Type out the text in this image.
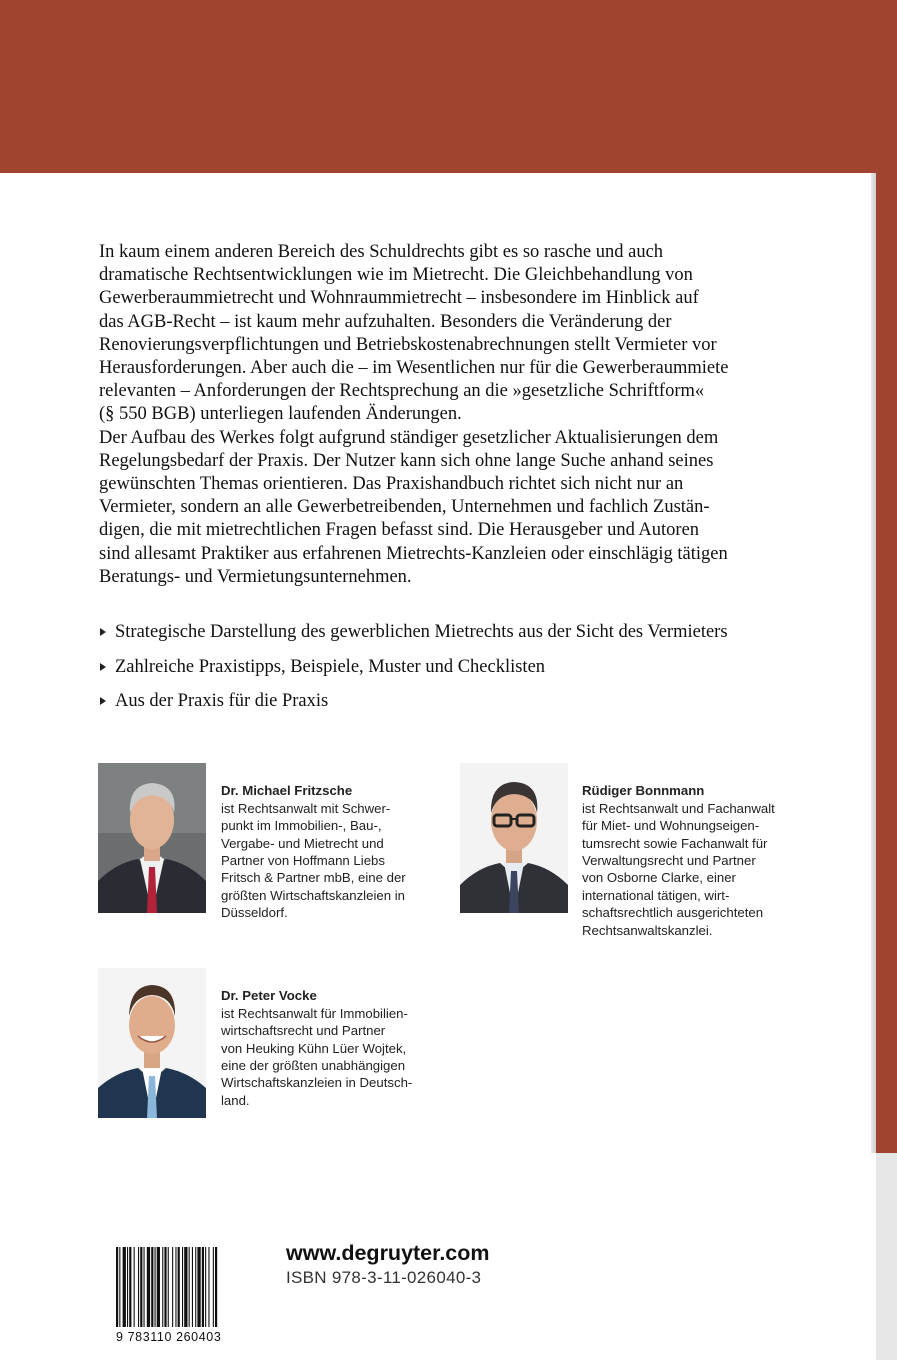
In kaum einem anderen Bereich des Schuldrechts gibt es so rasche und auch
dramatische Rechtsentwicklungen wie im Mietrecht. Die Gleichbehandlung von
Gewerberaummietrecht und Wohnraummietrecht – insbesondere im Hinblick auf
das AGB-Recht – ist kaum mehr aufzuhalten. Besonders die Veränderung der
Renovierungsverpflichtungen und Betriebskostenabrechnungen stellt Vermieter vor
Herausforderungen. Aber auch die – im Wesentlichen nur für die Gewerberaummiete
relevanten – Anforderungen der Rechtsprechung an die »gesetzliche Schriftform«
(§ 550 BGB) unterliegen laufenden Änderungen.

Der Aufbau des Werkes folgt aufgrund ständiger gesetzlicher Aktualisierungen dem
Regelungsbedarf der Praxis. Der Nutzer kann sich ohne lange Suche anhand seines
gewünschten Themas orientieren. Das Praxishandbuch richtet sich nicht nur an
Vermieter, sondern an alle Gewerbetreibenden, Unternehmen und fachlich Zustän-
digen, die mit mietrechtlichen Fragen befasst sind. Die Herausgeber und Autoren
sind allesamt Praktiker aus erfahrenen Mietrechts-Kanzleien oder einschlägig tätigen
Beratungs- und Vermietungsunternehmen.

Strategische Darstellung des gewerblichen Mietrechts aus der Sicht des Vermieters
Zahlreiche Praxistipps, Beispiele, Muster und Checklisten
Aus der Praxis für die Praxis

Dr. Michael Fritzsche
ist Rechtsanwalt mit Schwer-
punkt im Immobilien-, Bau-,
Vergabe- und Mietrecht und
Partner von Hoffmann Liebs
Fritsch & Partner mbB, eine der
größten Wirtschaftskanzleien in
Düsseldorf.

Rüdiger Bonnmann
ist Rechtsanwalt und Fachanwalt
für Miet- und Wohnungseigen-
tumsrecht sowie Fachanwalt für
Verwaltungsrecht und Partner
von Osborne Clarke, einer
international tätigen, wirt-
schaftsrechtlich ausgerichteten
Rechtsanwaltskanzlei.

Dr. Peter Vocke
ist Rechtsanwalt für Immobilien-
wirtschaftsrecht und Partner
von Heuking Kühn Lüer Wojtek,
eine der größten unabhängigen
Wirtschaftskanzleien in Deutsch-
land.

9 783110 260403
www.degruyter.com
ISBN 978-3-11-026040-3
